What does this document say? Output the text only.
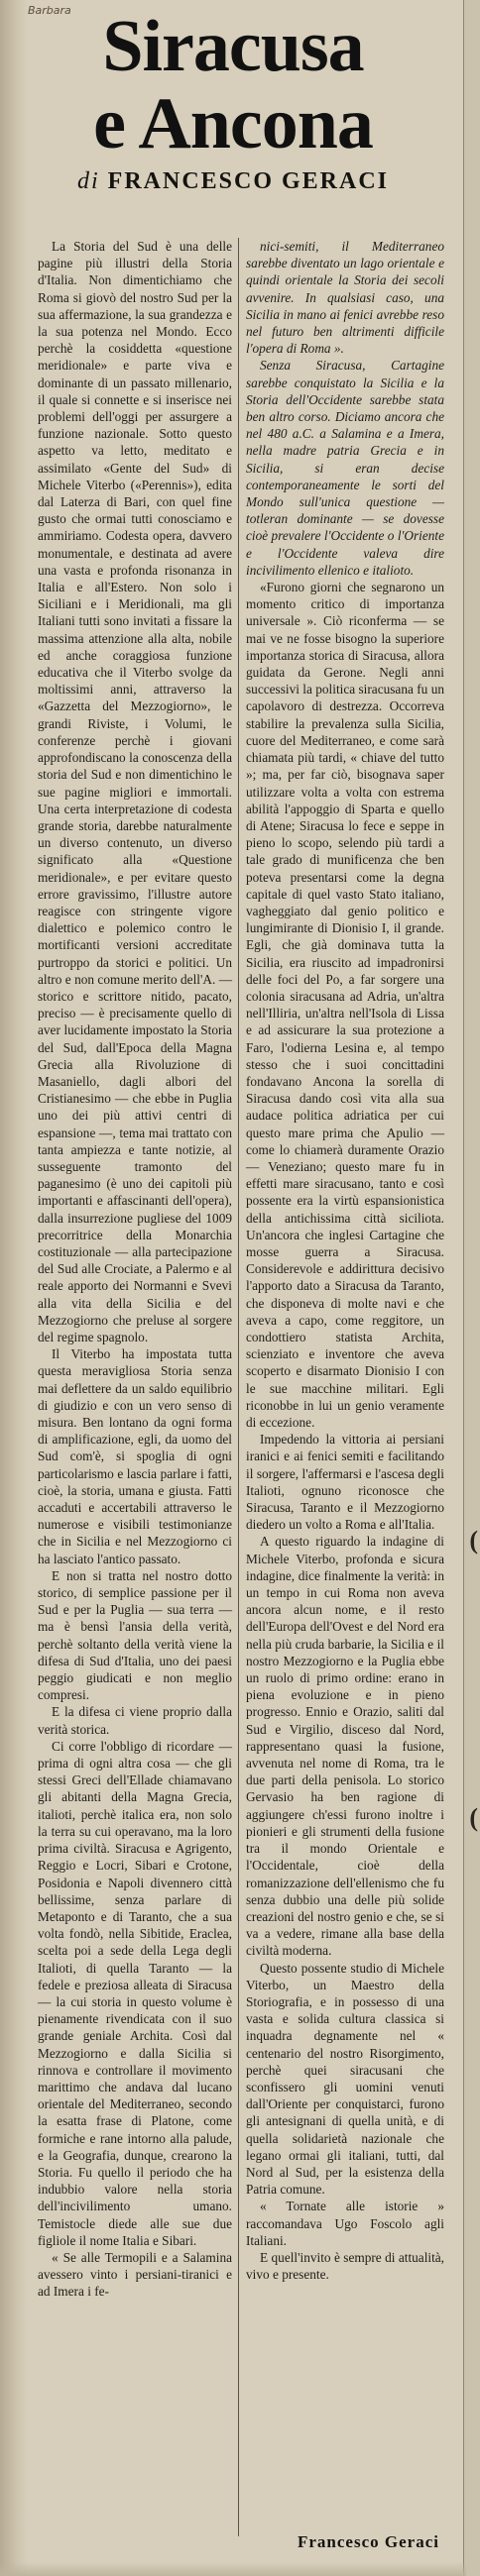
(
(
Barbara Siracusa
e Ancona
di FRANCESCO GERACI

La Storia del Sud è una delle pagine più illustri della Storia d'Italia. Non dimentichiamo che Roma si giovò del nostro Sud per la sua affermazione, la sua grandezza e la sua potenza nel Mondo. Ecco perchè la cosiddetta «questione meridionale» e parte viva e dominante di un passato millenario, il quale si connette e si inserisce nei problemi dell'oggi per assurgere a funzione nazionale. Sotto questo aspetto va letto, meditato e assimilato «Gente del Sud» di Michele Viterbo («Perennis»), edita dal Laterza di Bari, con quel fine gusto che ormai tutti conosciamo e ammiriamo. Codesta opera, davvero monumentale, e destinata ad avere una vasta e profonda risonanza in Italia e all'Estero. Non solo i Siciliani e i Meridionali, ma gli Italiani tutti sono invitati a fissare la massima attenzione alla alta, nobile ed anche coraggiosa funzione educativa che il Viterbo svolge da moltissimi anni, attraverso la «Gazzetta del Mezzogiorno», le grandi Riviste, i Volumi, le conferenze perchè i giovani approfondiscano la conoscenza della storia del Sud e non dimentichino le sue pagine migliori e immortali. Una certa interpretazione di codesta grande storia, darebbe naturalmente un diverso contenuto, un diverso significato alla «Questione meridionale», e per evitare questo errore gravissimo, l'illustre autore reagisce con stringente vigore dialettico e polemico contro le mortificanti versioni accreditate purtroppo da storici e politici. Un altro e non comune merito dell'A. — storico e scrittore nitido, pacato, preciso — è precisamente quello di aver lucidamente impostato la Storia del Sud, dall'Epoca della Magna Grecia alla Rivoluzione di Masaniello, dagli albori del Cristianesimo — che ebbe in Puglia uno dei più attivi centri di espansione —, tema mai trattato con tanta ampiezza e tante notizie, al susseguente tramonto del paganesimo (è uno dei capitoli più importanti e affascinanti dell'opera), dalla insurrezione pugliese del 1009 precorritrice della Monarchia costituzionale — alla partecipazione del Sud alle Crociate, a Palermo e al reale apporto dei Normanni e Svevi alla vita della Sicilia e del Mezzogiorno che preluse al sorgere del regime spagnolo.

Il Viterbo ha impostata tutta questa meravigliosa Storia senza mai deflettere da un saldo equilibrio di giudizio e con un vero senso di misura. Ben lontano da ogni forma di amplificazione, egli, da uomo del Sud com'è, si spoglia di ogni particolarismo e lascia parlare i fatti, cioè, la storia, umana e giusta. Fatti accaduti e accertabili attraverso le numerose e visibili testimonianze che in Sicilia e nel Mezzogiorno ci ha lasciato l'antico passato.

E non si tratta nel nostro dotto storico, di semplice passione per il Sud e per la Puglia — sua terra — ma è bensì l'ansia della verità, perchè soltanto della verità viene la difesa di Sud d'Italia, uno dei paesi peggio giudicati e non meglio compresi.

E la difesa ci viene proprio dalla verità storica.

Ci corre l'obbligo di ricordare — prima di ogni altra cosa — che gli stessi Greci dell'Ellade chiamavano gli abitanti della Magna Grecia, italioti, perchè italica era, non solo la terra su cui operavano, ma la loro prima civiltà. Siracusa e Agrigento, Reggio e Locri, Sibari e Crotone, Posidonia e Napoli divennero città bellissime, senza parlare di Metaponto e di Taranto, che a sua volta fondò, nella Sibitide, Eraclea, scelta poi a sede della Lega degli Italioti, di quella Taranto — la fedele e preziosa alleata di Siracusa — la cui storia in questo volume è pienamente rivendicata con il suo grande geniale Archita. Così dal Mezzogiorno e dalla Sicilia si rinnova e controllare il movimento marittimo che andava dal lucano orientale del Mediterraneo, secondo la esatta frase di Platone, come formiche e rane intorno alla palude, e la Geografia, dunque, crearono la Storia. Fu quello il periodo che ha indubbio valore nella storia dell'incivilimento umano. Temistocle diede alle sue due figliole il nome Italia e Sibari.

« Se alle Termopili e a Salamina avessero vinto i persiani-tiranici e ad Imera i fe-

nici-semiti, il Mediterraneo sarebbe diventato un lago orientale e quindi orientale la Storia dei secoli avvenire. In qualsiasi caso, una Sicilia in mano ai fenici avrebbe reso nel futuro ben altrimenti difficile l'opera di Roma ».

Senza Siracusa, Cartagine sarebbe conquistato la Sicilia e la Storia dell'Occidente sarebbe stata ben altro corso. Diciamo ancora che nel 480 a.C. a Salamina e a Imera, nella madre patria Grecia e in Sicilia, si eran decise contemporaneamente le sorti del Mondo sull'unica questione — totleran dominante — se dovesse cioè prevalere l'Occidente o l'Oriente e l'Occidente valeva dire incivilimento ellenico e italioto.

«Furono giorni che segnarono un momento critico di importanza universale ». Ciò riconferma — se mai ve ne fosse bisogno la superiore importanza storica di Siracusa, allora guidata da Gerone. Negli anni successivi la politica siracusana fu un capolavoro di destrezza. Occorreva stabilire la prevalenza sulla Sicilia, cuore del Mediterraneo, e come sarà chiamata più tardi, « chiave del tutto »; ma, per far ciò, bisognava saper utilizzare volta a volta con estrema abilità l'appoggio di Sparta e quello di Atene; Siracusa lo fece e seppe in pieno lo scopo, selendo più tardi a tale grado di munificenza che ben poteva presentarsi come la degna capitale di quel vasto Stato italiano, vagheggiato dal genio politico e lungimirante di Dionisio I, il grande. Egli, che già dominava tutta la Sicilia, era riuscito ad impadronirsi delle foci del Po, a far sorgere una colonia siracusana ad Adria, un'altra nell'Illiria, un'altra nell'Isola di Lissa e ad assicurare la sua protezione a Faro, l'odierna Lesina e, al tempo stesso che i suoi concittadini fondavano Ancona la sorella di Siracusa dando così vita alla sua audace politica adriatica per cui questo mare prima che Apulio — come lo chiamerà duramente Orazio — Veneziano; questo mare fu in effetti mare siracusano, tanto e così possente era la virtù espansionistica della antichissima città siciliota. Un'ancora che inglesi Cartagine che mosse guerra a Siracusa. Considerevole e addirittura decisivo l'apporto dato a Siracusa da Taranto, che disponeva di molte navi e che aveva a capo, come reggitore, un condottiero statista Archita, scienziato e inventore che aveva scoperto e disarmato Dionisio I con le sue macchine militari. Egli riconobbe in lui un genio veramente di eccezione.

Impedendo la vittoria ai persiani iranici e ai fenici semiti e facilitando il sorgere, l'affermarsi e l'ascesa degli Italioti, ognuno riconosce che Siracusa, Taranto e il Mezzogiorno diedero un volto a Roma e all'Italia.

A questo riguardo la indagine di Michele Viterbo, profonda e sicura indagine, dice finalmente la verità: in un tempo in cui Roma non aveva ancora alcun nome, e il resto dell'Europa dell'Ovest e del Nord era nella più cruda barbarie, la Sicilia e il nostro Mezzogiorno e la Puglia ebbe un ruolo di primo ordine: erano in piena evoluzione e in pieno progresso. Ennio e Orazio, saliti dal Sud e Virgilio, disceso dal Nord, rappresentano quasi la fusione, avvenuta nel nome di Roma, tra le due parti della penisola. Lo storico Gervasio ha ben ragione di aggiungere ch'essi furono inoltre i pionieri e gli strumenti della fusione tra il mondo Orientale e l'Occidentale, cioè della romanizzazione dell'ellenismo che fu senza dubbio una delle più solide creazioni del nostro genio e che, se si va a vedere, rimane alla base della civiltà moderna.

Questo possente studio di Michele Viterbo, un Maestro della Storiografia, e in possesso di una vasta e solida cultura classica si inquadra degnamente nel « centenario del nostro Risorgimento, perchè quei siracusani che sconfissero gli uomini venuti dall'Oriente per conquistarci, furono gli antesignani di quella unità, e di quella solidarietà nazionale che legano ormai gli italiani, tutti, dal Nord al Sud, per la esistenza della Patria comune.

« Tornate alle istorie » raccomandava Ugo Foscolo agli Italiani.

E quell'invito è sempre di attualità, vivo e presente.

Francesco Geraci
